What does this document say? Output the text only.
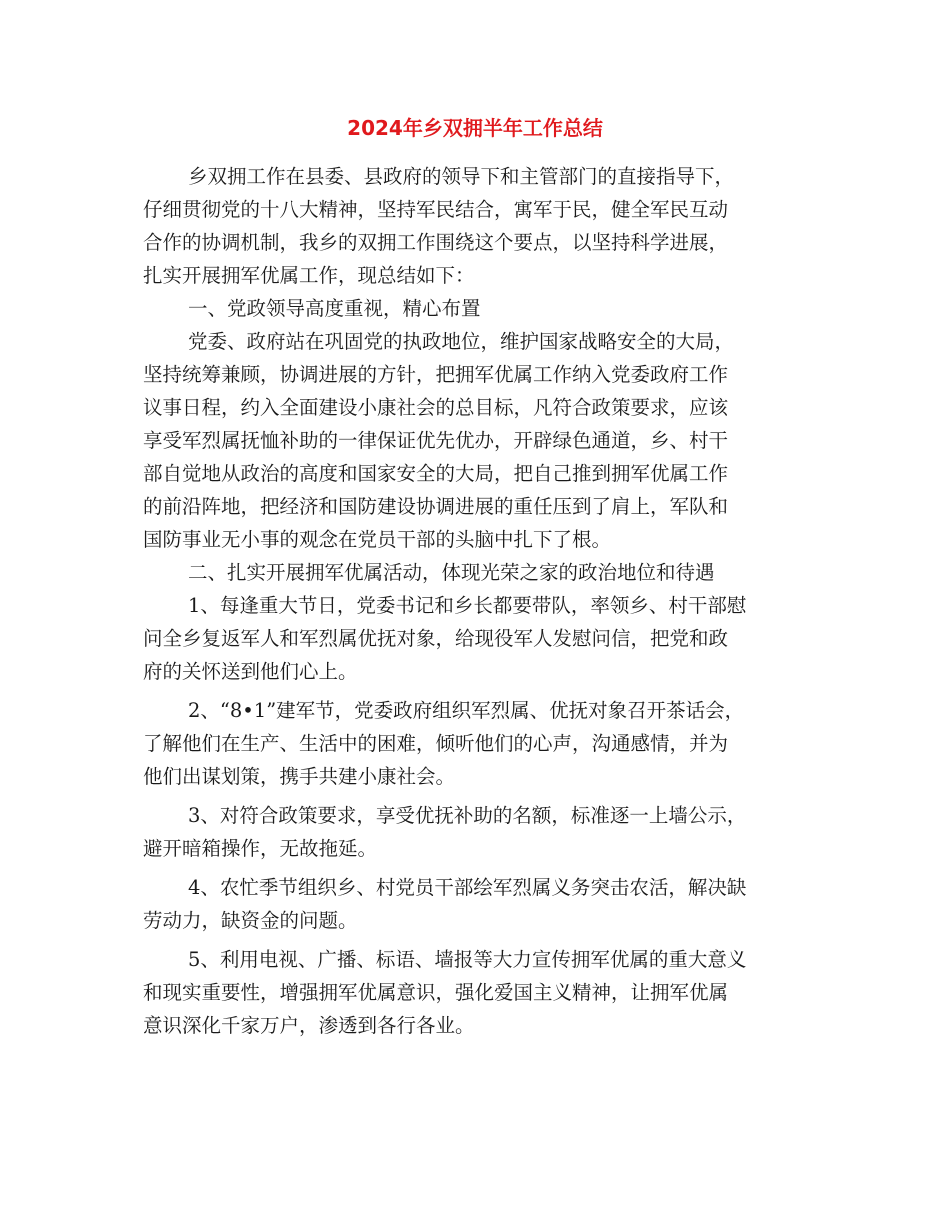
2024年乡双拥半年工作总结
乡双拥工作在县委、县政府的领导下和主管部门的直接指导下，
仔细贯彻党的十八大精神，坚持军民结合，寓军于民，健全军民互动
合作的协调机制，我乡的双拥工作围绕这个要点，以坚持科学进展，
扎实开展拥军优属工作，现总结如下：
一、党政领导高度重视，精心布置
党委、政府站在巩固党的执政地位，维护国家战略安全的大局，
坚持统筹兼顾，协调进展的方针，把拥军优属工作纳入党委政府工作
议事日程，约入全面建设小康社会的总目标，凡符合政策要求，应该
享受军烈属抚恤补助的一律保证优先优办，开辟绿色通道，乡、村干
部自觉地从政治的高度和国家安全的大局，把自己推到拥军优属工作
的前沿阵地，把经济和国防建设协调进展的重任压到了肩上，军队和
国防事业无小事的观念在党员干部的头脑中扎下了根。
二、扎实开展拥军优属活动，体现光荣之家的政治地位和待遇
1、每逢重大节日，党委书记和乡长都要带队，率领乡、村干部慰
问全乡复返军人和军烈属优抚对象，给现役军人发慰问信，把党和政
府的关怀送到他们心上。
2、“8•1”建军节，党委政府组织军烈属、优抚对象召开茶话会，
了解他们在生产、生活中的困难，倾听他们的心声，沟通感情，并为
他们出谋划策，携手共建小康社会。
3、对符合政策要求，享受优抚补助的名额，标准逐一上墙公示，
避开暗箱操作，无故拖延。
4、农忙季节组织乡、村党员干部绘军烈属义务突击农活，解决缺
劳动力，缺资金的问题。
5、利用电视、广播、标语、墙报等大力宣传拥军优属的重大意义
和现实重要性，增强拥军优属意识，强化爱国主义精神，让拥军优属
意识深化千家万户，渗透到各行各业。
